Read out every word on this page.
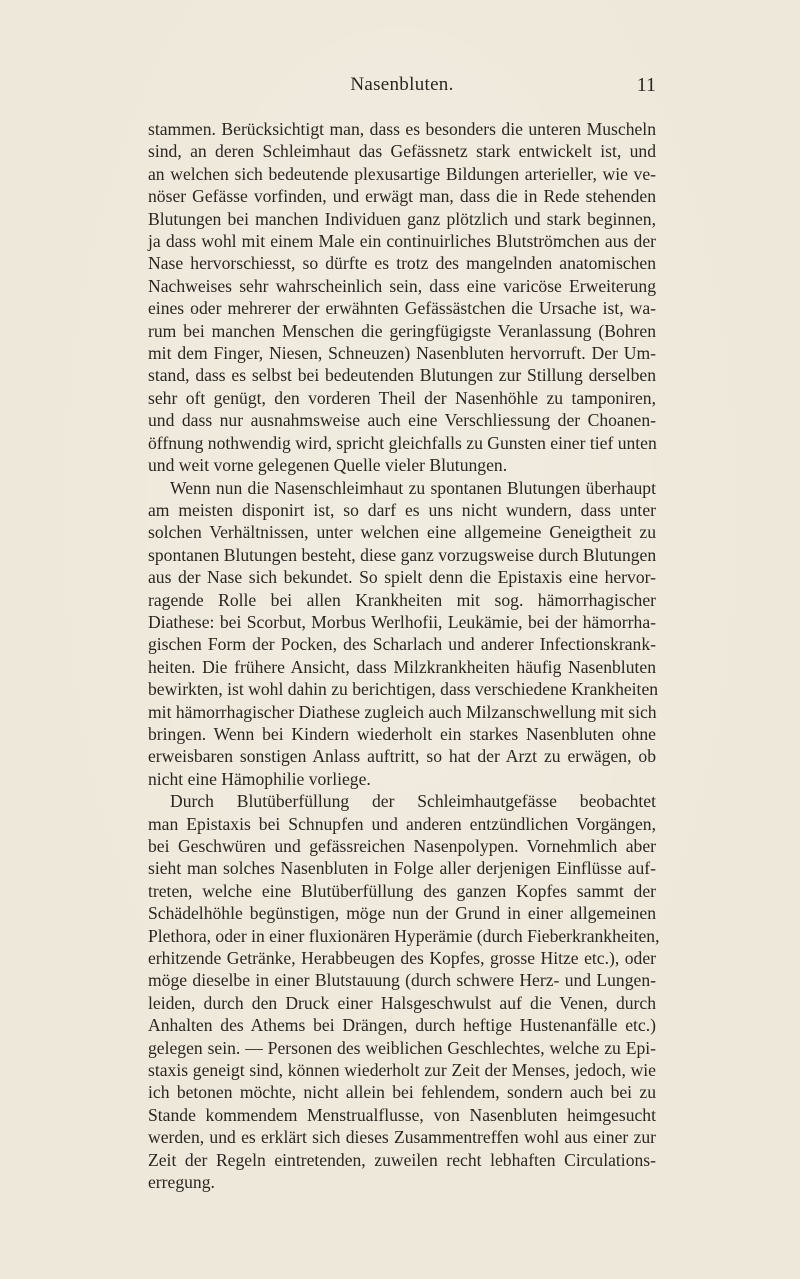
Nasenbluten.	11
stammen. Berücksichtigt man, dass es besonders die unteren Muscheln
sind, an deren Schleimhaut das Gefässnetz stark entwickelt ist, und
an welchen sich bedeutende plexusartige Bildungen arterieller, wie ve-
nöser Gefässe vorfinden, und erwägt man, dass die in Rede stehenden
Blutungen bei manchen Individuen ganz plötzlich und stark beginnen,
ja dass wohl mit einem Male ein continuirliches Blutströmchen aus der
Nase hervorschiesst, so dürfte es trotz des mangelnden anatomischen
Nachweises sehr wahrscheinlich sein, dass eine varicöse Erweiterung
eines oder mehrerer der erwähnten Gefässästchen die Ursache ist, wa-
rum bei manchen Menschen die geringfügigste Veranlassung (Bohren
mit dem Finger, Niesen, Schneuzen) Nasenbluten hervorruft. Der Um-
stand, dass es selbst bei bedeutenden Blutungen zur Stillung derselben
sehr oft genügt, den vorderen Theil der Nasenhöhle zu tamponiren,
und dass nur ausnahmsweise auch eine Verschliessung der Choanen-
öffnung nothwendig wird, spricht gleichfalls zu Gunsten einer tief unten
und weit vorne gelegenen Quelle vieler Blutungen.
Wenn nun die Nasenschleimhaut zu spontanen Blutungen überhaupt
am meisten disponirt ist, so darf es uns nicht wundern, dass unter
solchen Verhältnissen, unter welchen eine allgemeine Geneigtheit zu
spontanen Blutungen besteht, diese ganz vorzugsweise durch Blutungen
aus der Nase sich bekundet. So spielt denn die Epistaxis eine hervor-
ragende Rolle bei allen Krankheiten mit sog. hämorrhagischer
Diathese: bei Scorbut, Morbus Werlhofii, Leukämie, bei der hämorrha-
gischen Form der Pocken, des Scharlach und anderer Infectionskrank-
heiten. Die frühere Ansicht, dass Milzkrankheiten häufig Nasenbluten
bewirkten, ist wohl dahin zu berichtigen, dass verschiedene Krankheiten
mit hämorrhagischer Diathese zugleich auch Milzanschwellung mit sich
bringen. Wenn bei Kindern wiederholt ein starkes Nasenbluten ohne
erweisbaren sonstigen Anlass auftritt, so hat der Arzt zu erwägen, ob
nicht eine Hämophilie vorliege.
Durch Blutüberfüllung der Schleimhautgefässe beobachtet
man Epistaxis bei Schnupfen und anderen entzündlichen Vorgängen,
bei Geschwüren und gefässreichen Nasenpolypen. Vornehmlich aber
sieht man solches Nasenbluten in Folge aller derjenigen Einflüsse auf-
treten, welche eine Blutüberfüllung des ganzen Kopfes sammt der
Schädelhöhle begünstigen, möge nun der Grund in einer allgemeinen
Plethora, oder in einer fluxionären Hyperämie (durch Fieberkrankheiten,
erhitzende Getränke, Herabbeugen des Kopfes, grosse Hitze etc.), oder
möge dieselbe in einer Blutstauung (durch schwere Herz- und Lungen-
leiden, durch den Druck einer Halsgeschwulst auf die Venen, durch
Anhalten des Athems bei Drängen, durch heftige Hustenanfälle etc.)
gelegen sein. — Personen des weiblichen Geschlechtes, welche zu Epi-
staxis geneigt sind, können wiederholt zur Zeit der Menses, jedoch, wie
ich betonen möchte, nicht allein bei fehlendem, sondern auch bei zu
Stande kommendem Menstrualflusse, von Nasenbluten heimgesucht
werden, und es erklärt sich dieses Zusammentreffen wohl aus einer zur
Zeit der Regeln eintretenden, zuweilen recht lebhaften Circulations-
erregung.
